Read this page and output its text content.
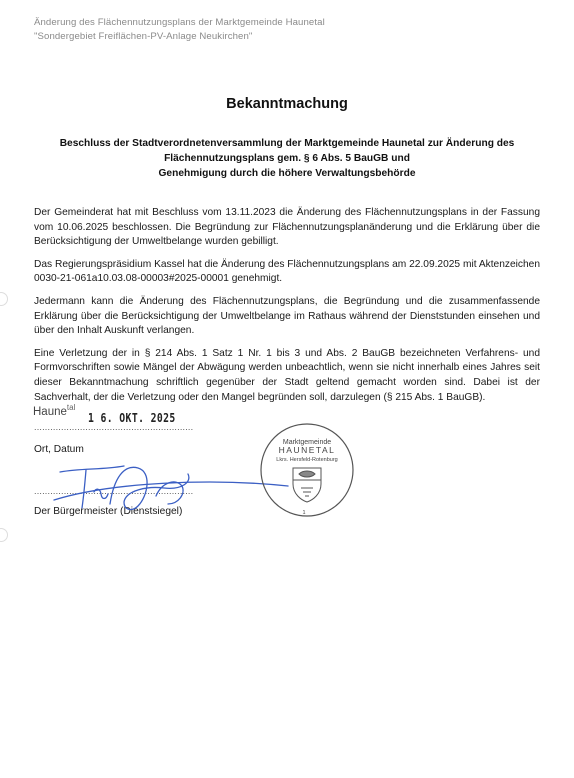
Änderung des Flächennutzungsplans der Marktgemeinde Haunetal
"Sondergebiet Freiflächen-PV-Anlage Neukirchen"
Bekanntmachung
Beschluss der Stadtverordnetenversammlung der Marktgemeinde Haunetal zur Änderung des
Flächennutzungsplans gem. § 6 Abs. 5 BauGB und
Genehmigung durch die höhere Verwaltungsbehörde

Der Gemeinderat hat mit Beschluss vom 13.11.2023 die Änderung des Flächennutzungsplans in der Fassung vom 10.06.2025 beschlossen. Die Begründung zur Flächennutzungsplanänderung und die Erklärung über die Berücksichtigung der Umweltbelange wurden gebilligt.

Das Regierungspräsidium Kassel hat die Änderung des Flächennutzungsplans am 22.09.2025 mit Aktenzeichen 0030-21-061a10.03.08-00003#2025-00001 genehmigt.

Jedermann kann die Änderung des Flächennutzungsplans, die Begründung und die zusammenfassende Erklärung über die Berücksichtigung der Umweltbelange im Rathaus während der Dienststunden einsehen und über den Inhalt Auskunft verlangen.

Eine Verletzung der in § 214 Abs. 1 Satz 1 Nr. 1 bis 3 und Abs. 2 BauGB bezeichneten Verfahrens- und Formvorschriften sowie Mängel der Abwägung werden unbeachtlich, wenn sie nicht innerhalb eines Jahres seit dieser Bekanntmachung schriftlich gegenüber der Stadt geltend gemacht worden sind. Dabei ist der Sachverhalt, der die Verletzung oder den Mangel begründen soll, darzulegen (§ 215 Abs. 1 BauGB).

Haune$^{tal}$
1 6. OKT. 2025
...........................................................
Ort, Datum
...........................................................
Der Bürgermeister (Dienstsiegel)
Marktgemeinde
HAUNETAL
Lkrs. Hersfeld-Rotenburg
1
